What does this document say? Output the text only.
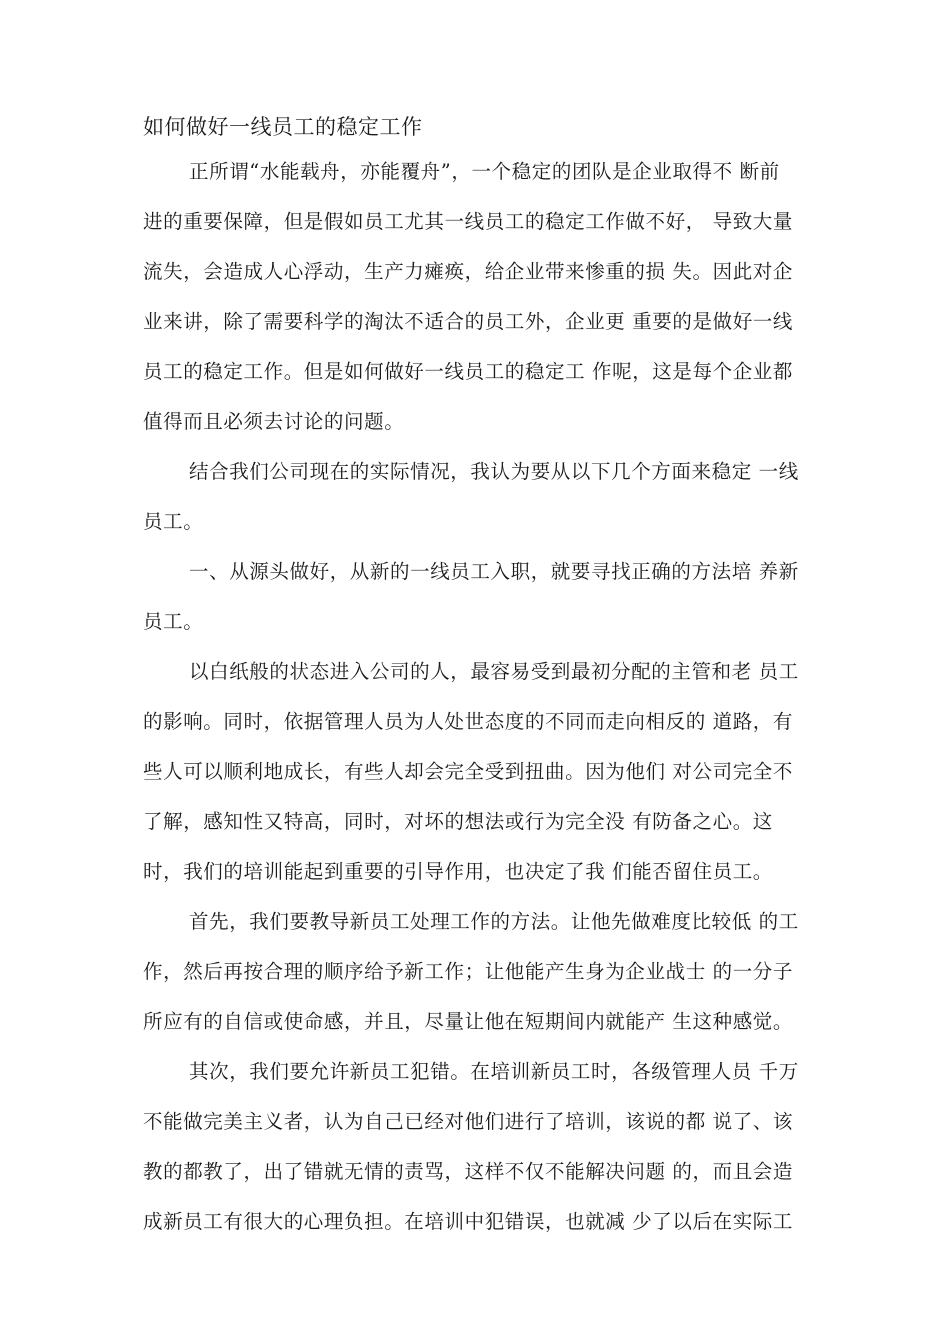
如何做好一线员工的稳定工作
正所谓“水能载舟，亦能覆舟”，一个稳定的团队是企业取得不 断前
进的重要保障，但是假如员工尤其一线员工的稳定工作做不好， 导致大量
流失，会造成人心浮动，生产力瘫痪，给企业带来惨重的损 失。因此对企
业来讲，除了需要科学的淘汰不适合的员工外，企业更 重要的是做好一线
员工的稳定工作。但是如何做好一线员工的稳定工 作呢，这是每个企业都
值得而且必须去讨论的问题。
结合我们公司现在的实际情况，我认为要从以下几个方面来稳定 一线
员工。
一、从源头做好，从新的一线员工入职，就要寻找正确的方法培 养新
员工。
以白纸般的状态进入公司的人，最容易受到最初分配的主管和老 员工
的影响。同时，依据管理人员为人处世态度的不同而走向相反的 道路，有
些人可以顺利地成长，有些人却会完全受到扭曲。因为他们 对公司完全不
了解，感知性又特高，同时，对坏的想法或行为完全没 有防备之心。这
时，我们的培训能起到重要的引导作用，也决定了我 们能否留住员工。
首先，我们要教导新员工处理工作的方法。让他先做难度比较低 的工
作，然后再按合理的顺序给予新工作；让他能产生身为企业战士 的一分子
所应有的自信或使命感，并且，尽量让他在短期间内就能产 生这种感觉。
其次，我们要允许新员工犯错。在培训新员工时，各级管理人员 千万
不能做完美主义者，认为自己已经对他们进行了培训，该说的都 说了、该
教的都教了，出了错就无情的责骂，这样不仅不能解决问题 的，而且会造
成新员工有很大的心理负担。在培训中犯错误，也就减 少了以后在实际工
